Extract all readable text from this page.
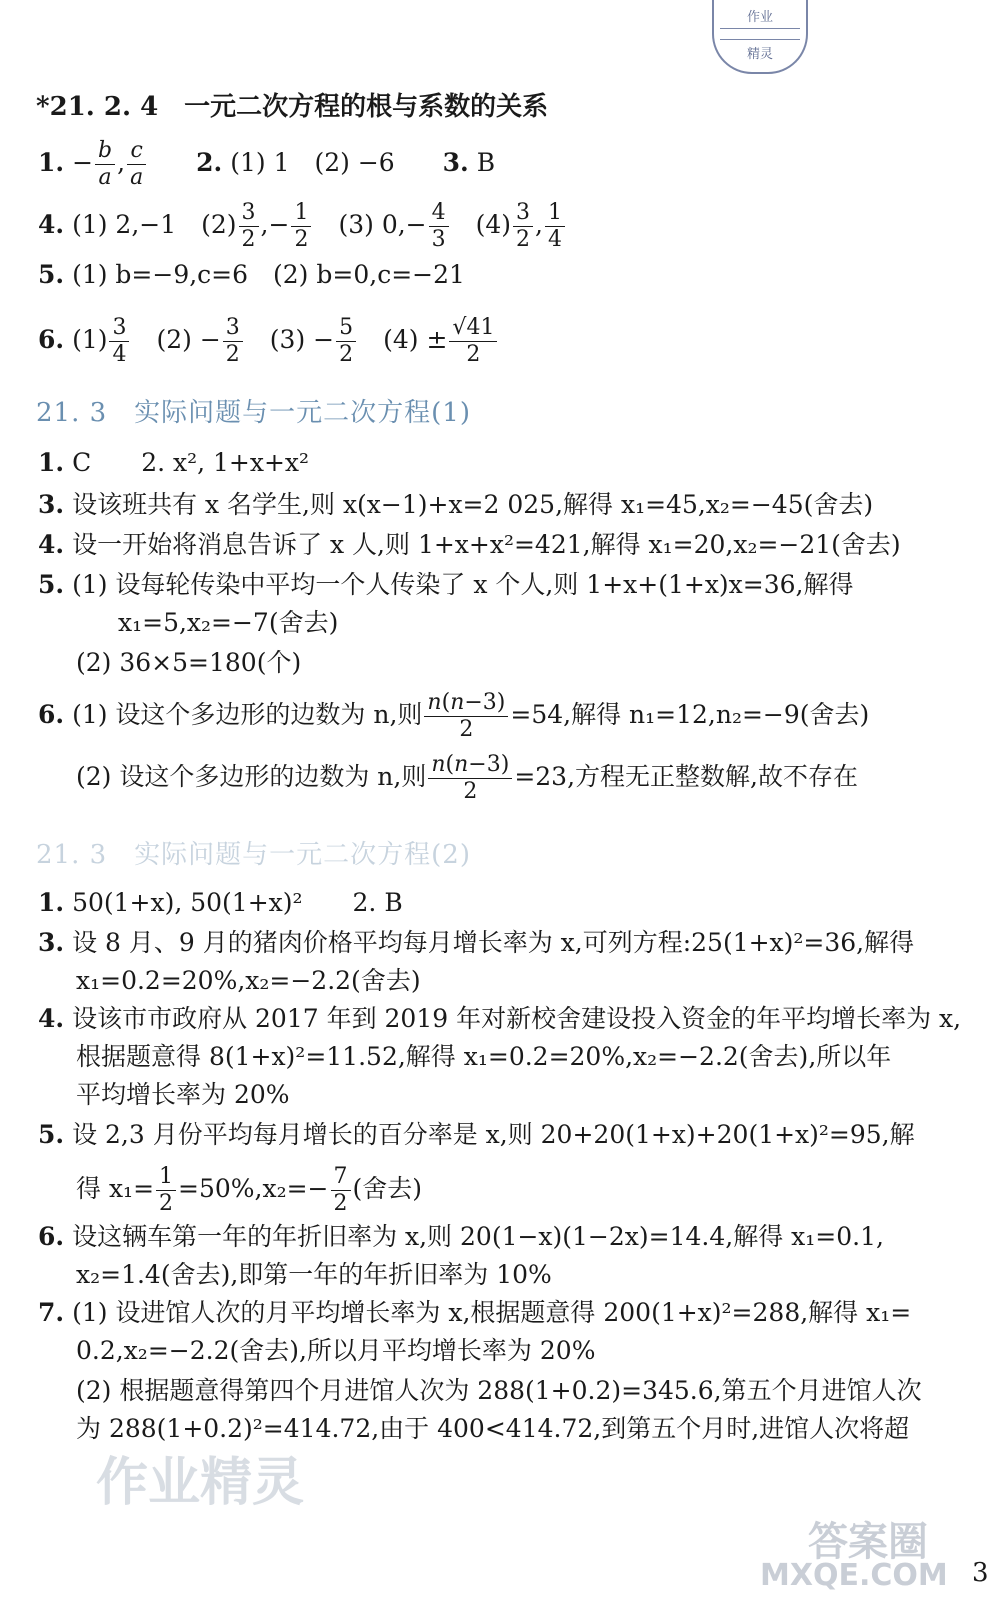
作业
精灵
*21. 2. 4　一元二次方程的根与系数的关系
1. − $\frac{b}{a}$ , $\frac{c}{a} 2$. (1) 1　(2) −6 3. B
4. (1) 2,−1　$(2) \frac{3}{2}$ ,− $\frac{1}{2}$ 　(3) $0,- \frac{4}{3}$ 　$(4) \frac{3}{2}$ , $\frac{1}{4}$
5. (1) b=−9,c=6　(2) b=0,c=−21
6. $(1) \frac{3}{4}$ 　$(2) - \frac{3}{2}$ 　$(3) - \frac{5}{2}$ 　$(4) \pm \frac{√41}{2}$
21. 3　实际问题与一元二次方程(1)
1. C　　2. x², 1+x+x²
3. 设该班共有 x 名学生,则 x(x−1)+x=2 025,解得 x₁=45,x₂=−45(舍去)
4. 设一开始将消息告诉了 x 人,则 1+x+x²=421,解得 x₁=20,x₂=−21(舍去)
5. (1) 设每轮传染中平均一个人传染了 x 个人,则 1+x+(1+x)x=36,解得
x₁=5,x₂=−7(舍去)
(2) 36×5=180(个)
6. (1) 设这个多边形的边数为 n,则 $\frac{n(n-3)}{2} =54$,解得 n₁=12,n₂=−9(舍去)
(2) 设这个多边形的边数为 n,则 $\frac{n(n-3)}{2} =23$,方程无正整数解,故不存在
21. 3　实际问题与一元二次方程(2)
1. 50(1+x), 50(1+x)²　　2. B
3. 设 8 月、9 月的猪肉价格平均每月增长率为 x,可列方程:25(1+x)²=36,解得
x₁=0.2=20%,x₂=−2.2(舍去)
4. 设该市市政府从 2017 年到 2019 年对新校舍建设投入资金的年平均增长率为 x,
根据题意得 8(1+x)²=11.52,解得 x₁=0.2=20%,x₂=−2.2(舍去),所以年
平均增长率为 20%
5. 设 2,3 月份平均每月增长的百分率是 x,则 20+20(1+x)+20(1+x)²=95,解
得 $x_1= \frac{1}{2} =50\%,x_2=- \frac{7}{2}$ (舍去)
6. 设这辆车第一年的年折旧率为 x,则 20(1−x)(1−2x)=14.4,解得 x₁=0.1,
x₂=1.4(舍去),即第一年的年折旧率为 10%
7. (1) 设进馆人次的月平均增长率为 x,根据题意得 200(1+x)²=288,解得 x₁=
0.2,x₂=−2.2(舍去),所以月平均增长率为 20%
(2) 根据题意得第四个月进馆人次为 288(1+0.2)=345.6,第五个月进馆人次
为 288(1+0.2)²=414.72,由于 400<414.72,到第五个月时,进馆人次将超
作业精灵
答案圈
MXQE.COM 3
